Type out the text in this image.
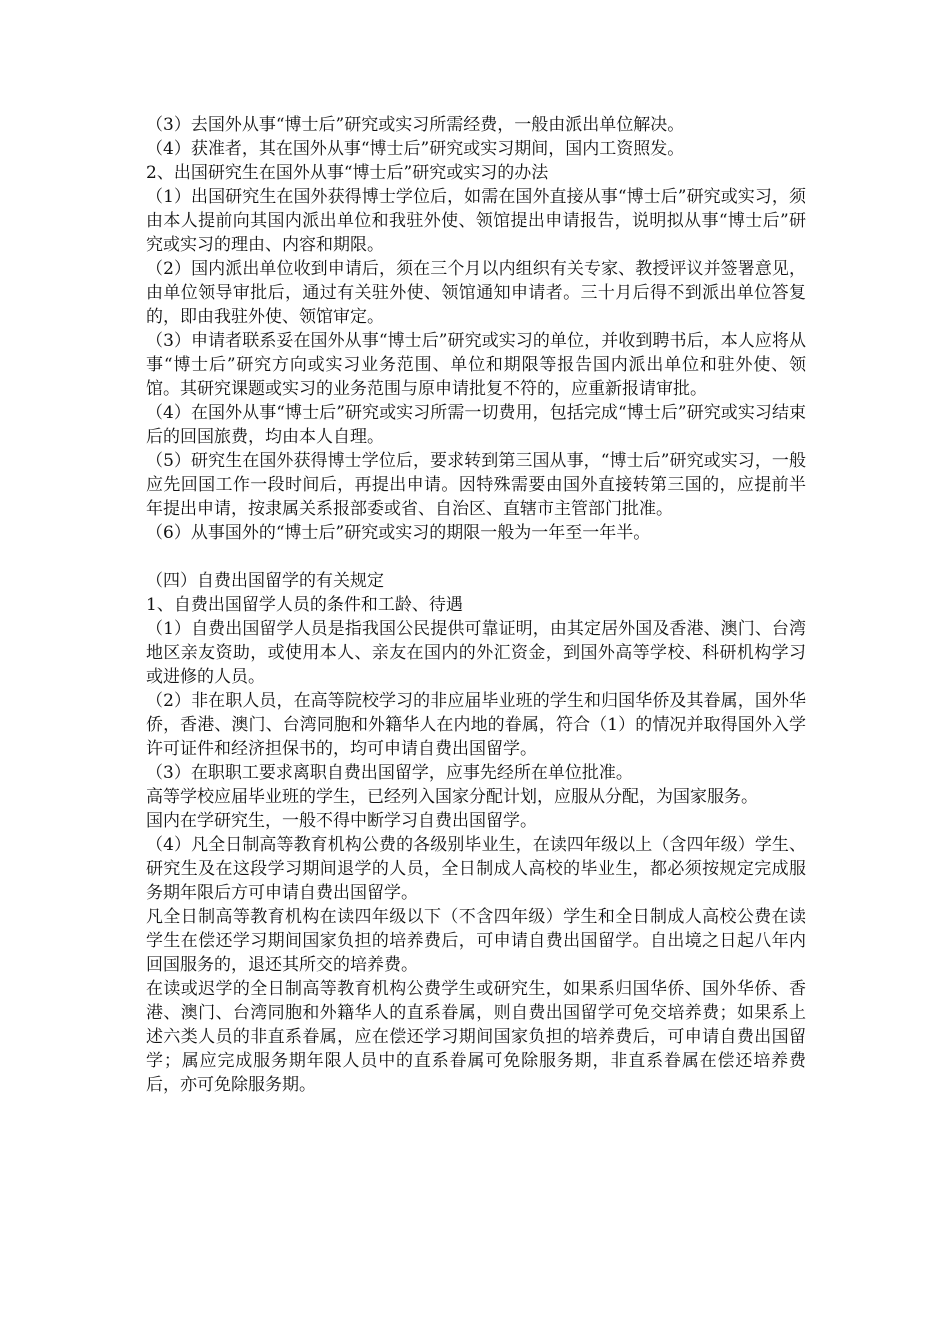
（3）去国外从事“博士后”研究或实习所需经费，一般由派出单位解决。

（4）获准者，其在国外从事“博士后”研究或实习期间，国内工资照发。

2、出国研究生在国外从事“博士后”研究或实习的办法

（1）出国研究生在国外获得博士学位后，如需在国外直接从事“博士后”研究或实习，须由本人提前向其国内派出单位和我驻外使、领馆提出申请报告，说明拟从事“博士后”研究或实习的理由、内容和期限。

（2）国内派出单位收到申请后，须在三个月以内组织有关专家、教授评议并签署意见，由单位领导审批后，通过有关驻外使、领馆通知申请者。三十月后得不到派出单位答复的，即由我驻外使、领馆审定。

（3）申请者联系妥在国外从事“博士后”研究或实习的单位，并收到聘书后，本人应将从事“博士后”研究方向或实习业务范围、单位和期限等报告国内派出单位和驻外使、领馆。其研究课题或实习的业务范围与原申请批复不符的，应重新报请审批。

（4）在国外从事“博士后”研究或实习所需一切费用，包括完成“博士后”研究或实习结束后的回国旅费，均由本人自理。

（5）研究生在国外获得博士学位后，要求转到第三国从事，“博士后”研究或实习，一般应先回国工作一段时间后，再提出申请。因特殊需要由国外直接转第三国的，应提前半年提出申请，按隶属关系报部委或省、自治区、直辖市主管部门批准。

（6）从事国外的“博士后”研究或实习的期限一般为一年至一年半。

（四）自费出国留学的有关规定

1、自费出国留学人员的条件和工龄、待遇

（1）自费出国留学人员是指我国公民提供可靠证明，由其定居外国及香港、澳门、台湾地区亲友资助，或使用本人、亲友在国内的外汇资金，到国外高等学校、科研机构学习或进修的人员。

（2）非在职人员，在高等院校学习的非应届毕业班的学生和归国华侨及其眷属，国外华侨，香港、澳门、台湾同胞和外籍华人在内地的眷属，符合（1）的情况并取得国外入学许可证件和经济担保书的，均可申请自费出国留学。

（3）在职职工要求离职自费出国留学，应事先经所在单位批准。

高等学校应届毕业班的学生，已经列入国家分配计划，应服从分配，为国家服务。

国内在学研究生，一般不得中断学习自费出国留学。

（4）凡全日制高等教育机构公费的各级别毕业生，在读四年级以上（含四年级）学生、研究生及在这段学习期间退学的人员，全日制成人高校的毕业生，都必须按规定完成服务期年限后方可申请自费出国留学。

凡全日制高等教育机构在读四年级以下（不含四年级）学生和全日制成人高校公费在读学生在偿还学习期间国家负担的培养费后，可申请自费出国留学。自出境之日起八年内回国服务的，退还其所交的培养费。

在读或迟学的全日制高等教育机构公费学生或研究生，如果系归国华侨、国外华侨、香港、澳门、台湾同胞和外籍华人的直系眷属，则自费出国留学可免交培养费；如果系上述六类人员的非直系眷属，应在偿还学习期间国家负担的培养费后，可申请自费出国留学；属应完成服务期年限人员中的直系眷属可免除服务期，非直系眷属在偿还培养费后，亦可免除服务期。
